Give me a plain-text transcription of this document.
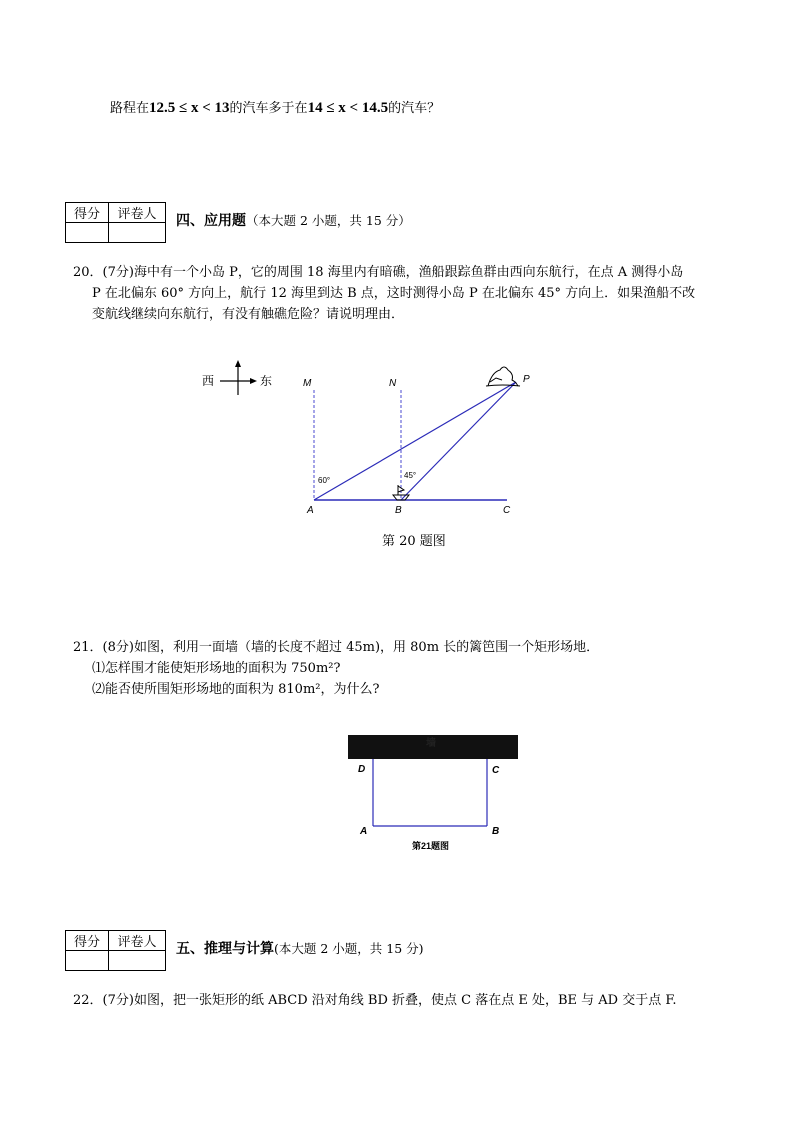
路程在12.5 ≤ x < 13的汽车多于在14 ≤ x < 14.5的汽车？
得分	评卷人
	四、应用题（本大题 2 小题，共 15 分）
20．(7分)海中有一个小岛 P，它的周围 18 海里内有暗礁，渔船跟踪鱼群由西向东航行，在点 A 测得小岛
P 在北偏东 60° 方向上，航行 12 海里到达 B 点，这时测得小岛 P 在北偏东 45° 方向上．如果渔船不改
变航线继续向东航行，有没有触礁危险？请说明理由．
西	东	M	N	P
60°
45°
A	B	C
第 20 题图
21．(8分)如图，利用一面墙（墙的长度不超过 45m)，用 80m 长的篱笆围一个矩形场地．
⑴怎样围才能使矩形场地的面积为 750m²?
⑵能否使所围矩形场地的面积为 810m²，为什么?
墙
D	C
A	B
第21题图
得分	评卷人
	五、推理与计算(本大题 2 小题，共 15 分)
22．(7分)如图，把一张矩形的纸 ABCD 沿对角线 BD 折叠，使点 C 落在点 E 处，BE 与 AD 交于点 F.
